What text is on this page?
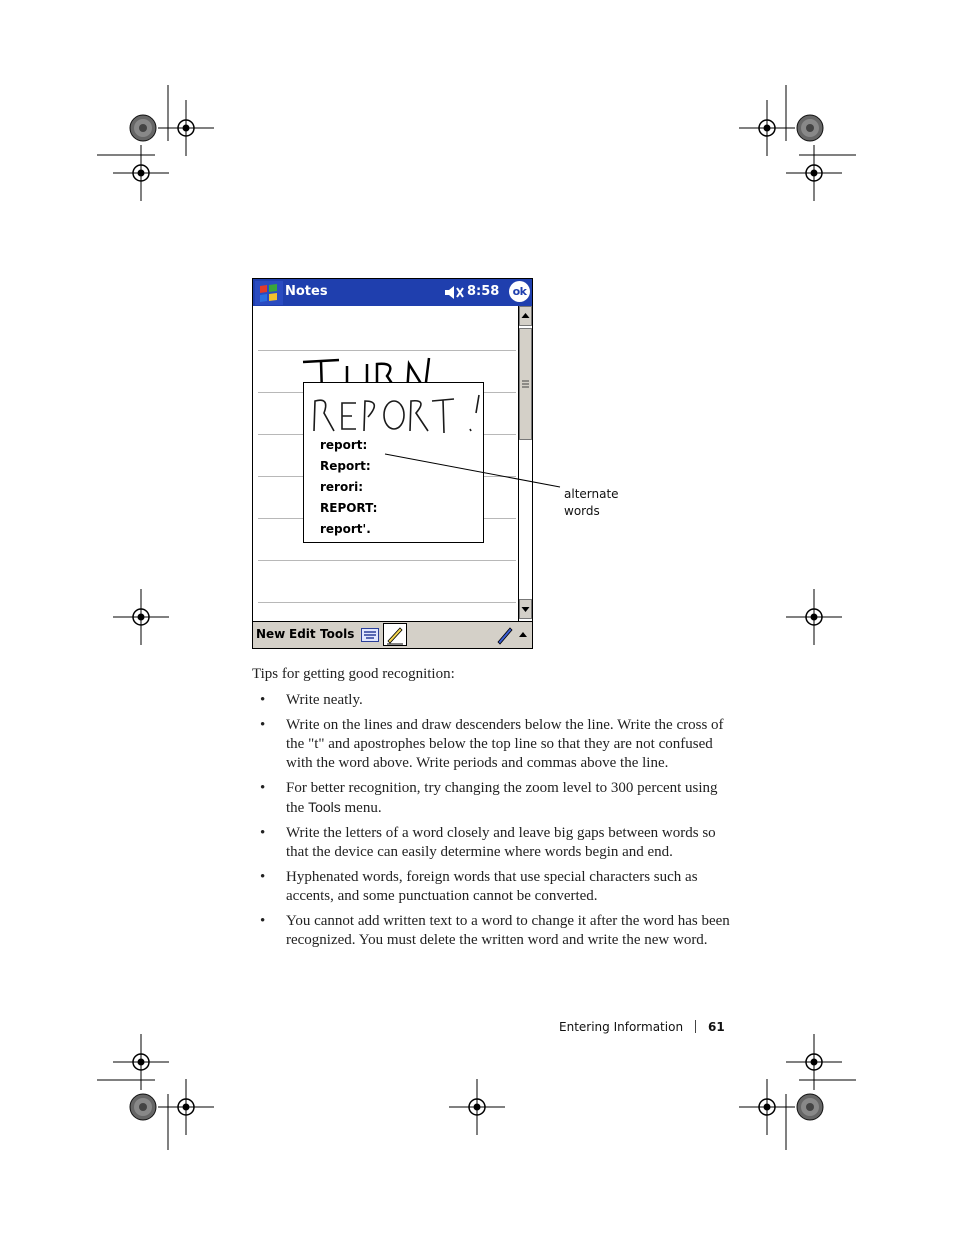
Notes	8:58	ok
report:
Report:
rerori:
REPORT:
report'.
New Edit Tools
alternate
words
Tips for getting good recognition:
• Write neatly.
• Write on the lines and draw descenders below the line. Write the cross of the "t" and apostrophes below the top line so that they are not confused with the word above. Write periods and commas above the line.
• For better recognition, try changing the zoom level to 300 percent using the Tools menu.
• Write the letters of a word closely and leave big gaps between words so that the device can easily determine where words begin and end.
• Hyphenated words, foreign words that use special characters such as accents, and some punctuation cannot be converted.
• You cannot add written text to a word to change it after the word has been recognized. You must delete the written word and write the new word.
Entering Information 61
